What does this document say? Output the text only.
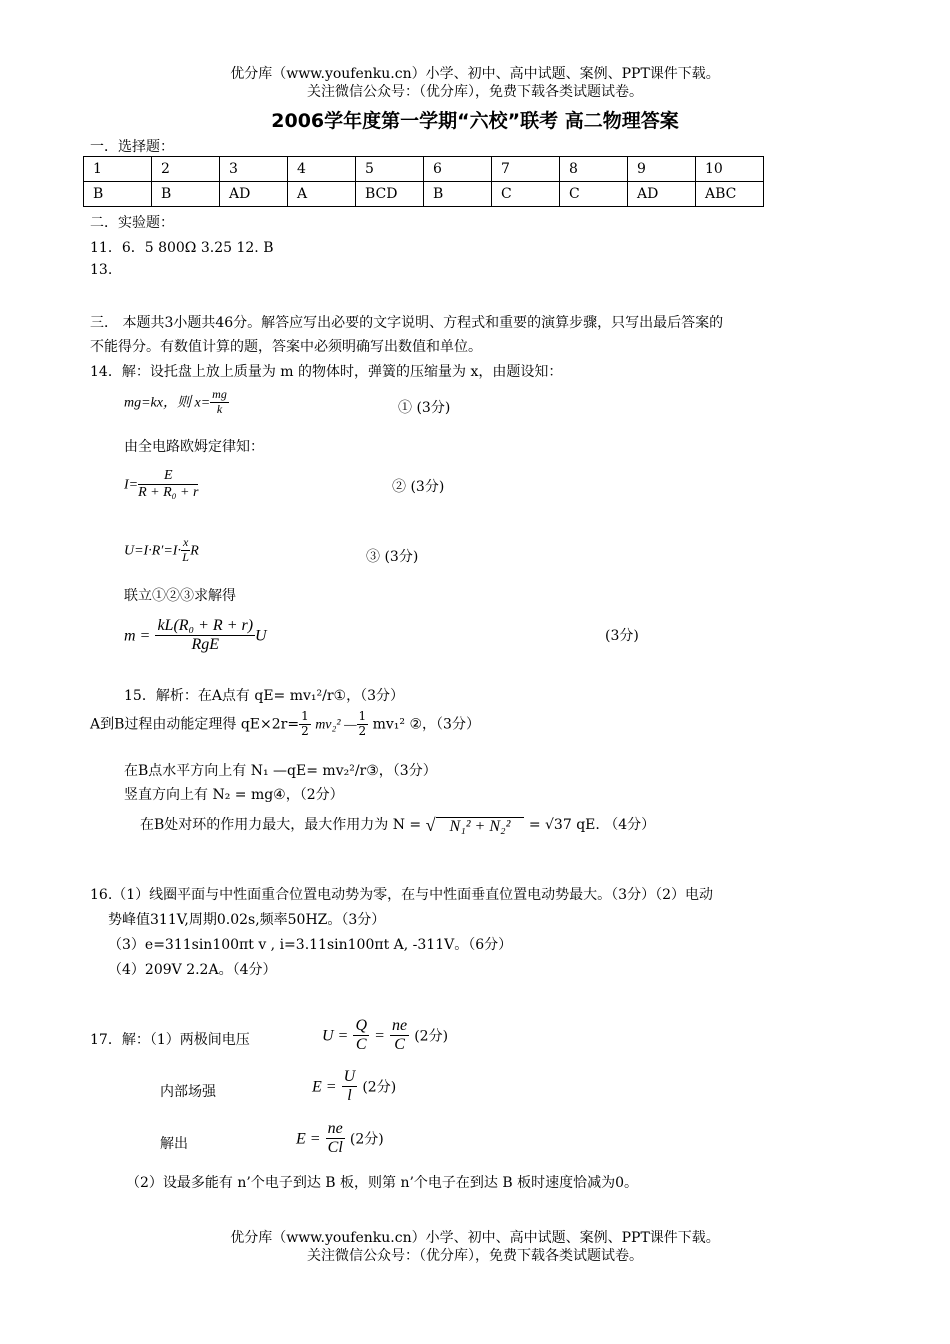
优分库（www.youfenku.cn）小学、初中、高中试题、案例、PPT课件下载。
关注微信公众号：（优分库），免费下载各类试题试卷。
2006学年度第一学期“六校”联考 高二物理答案
一．选择题：
1	2	3	4	5	6	7	8	9	10
B	B	AD	A	BCD	B	C	C	AD	ABC
二．实验题：
11．6．5 800Ω 3.25 12. B
13.
三． 本题共3小题共46分。解答应写出必要的文字说明、方程式和重要的演算步骤，只写出最后答案的
不能得分。有数值计算的题，答案中必须明确写出数值和单位。
14．解：设托盘上放上质量为 m 的物体时，弹簧的压缩量为 x，由题设知：
mg=kx，则 $x= \frac{mg}{k}$	① (3分)
由全电路欧姆定律知：
$I= \frac{E}{\text{R + R₀ + r}}$	② (3分)
$U=I\cdot R'=I\cdot \frac{x}{L}$ R	③ (3分)
联立①②③求解得
$m = \frac{\text{kL(R₀ + R + r)}}{\text{RgE}}$ U	(3分)
15．解析：在A点有 qE= mv₁²/r①，（3分）
A到B过程由动能定理得 $qE\times 2r= \frac{1}{2} mv_2^2$ — $\frac{1}{2} mv_1^2$ ②，（3分）
在B点水平方向上有 N₁ —qE= mv₂²/r③，（3分）
竖直方向上有 N₂ = mg④，（2分）
在B处对环的作用力最大，最大作用力为 N = √ N₁² + N₂² = √37 qE. （4分）
16.（1）线圈平面与中性面重合位置电动势为零，在与中性面垂直位置电动势最大。（3分）（2）电动
势峰值311V,周期0.02s,频率50HZ。（3分）
（3）e=311sin100πt v , i=3.11sin100πt A, -311V。（6分）
（4）209V 2.2A。（4分）
17．解：（1）两极间电压	$U = \frac{Q}{C} = \frac{ne}{C} (2$分)
内部场强	$E = \frac{U}{l} (2$分)
解出	$E = \frac{ne}{Cl} (2$分)
（2）设最多能有 n’个电子到达 B 板，则第 n’个电子在到达 B 板时速度恰减为0。
优分库（www.youfenku.cn）小学、初中、高中试题、案例、PPT课件下载。
关注微信公众号：（优分库），免费下载各类试题试卷。
